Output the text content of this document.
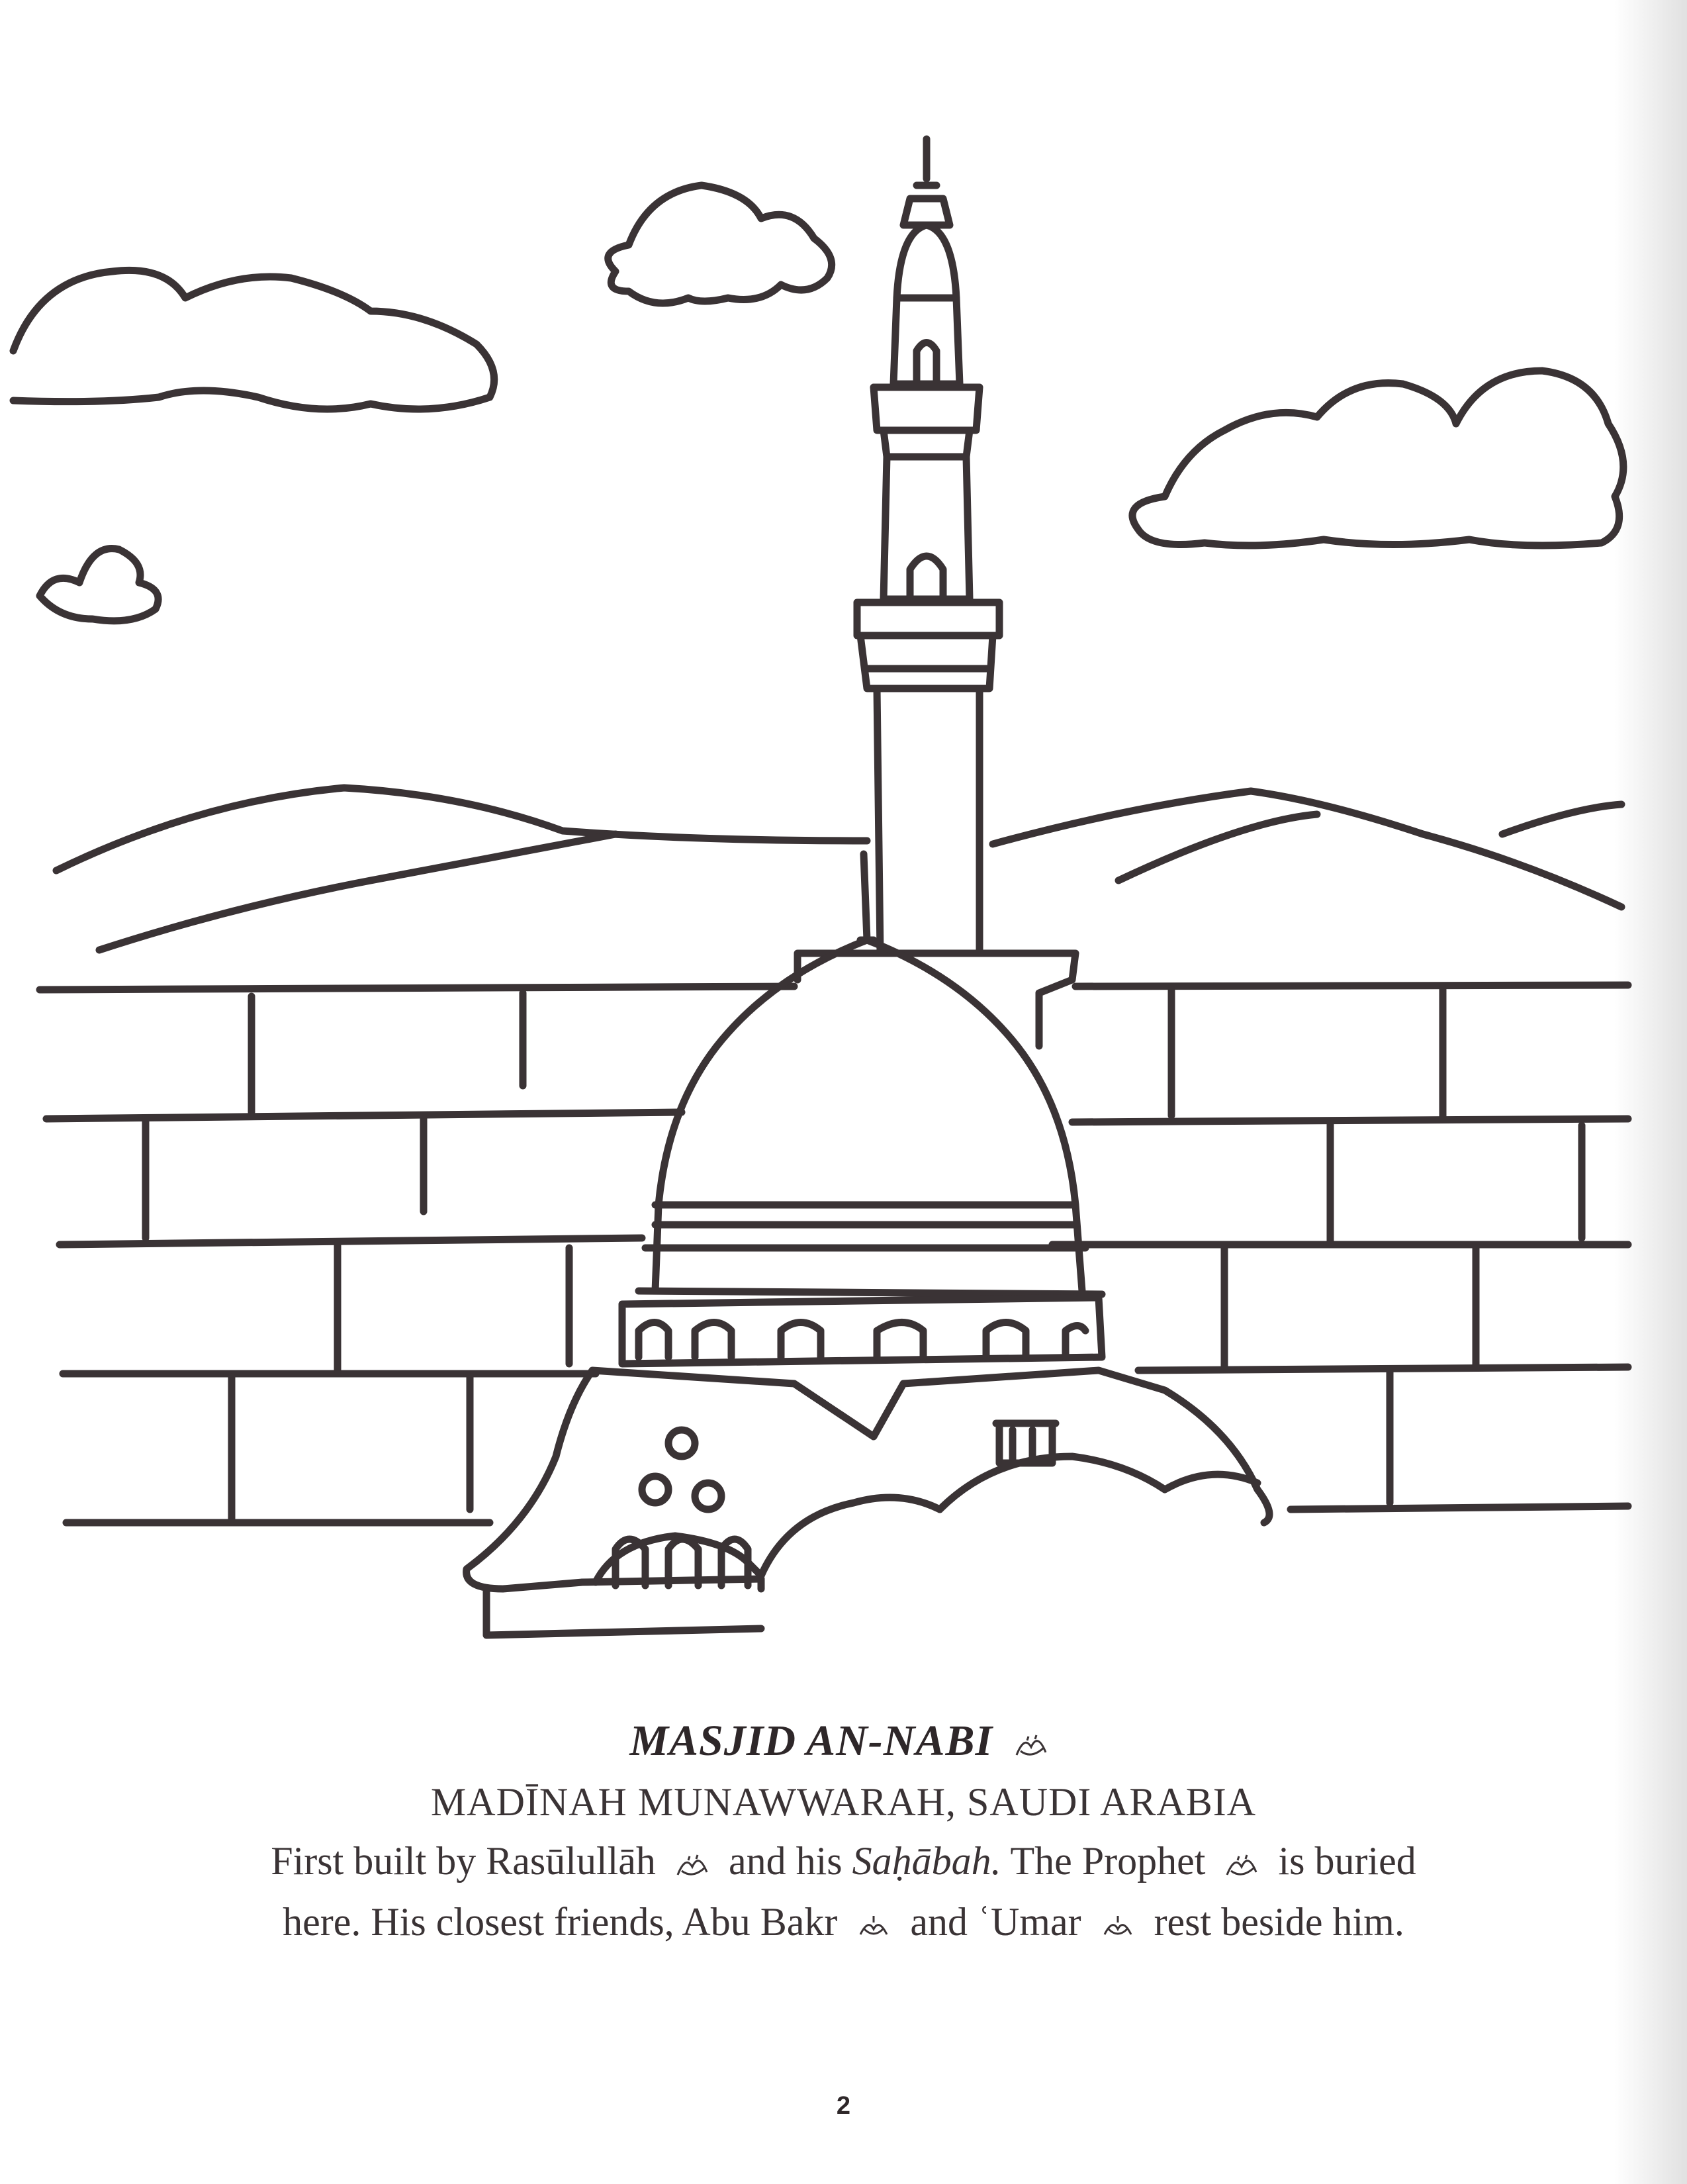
MASJID AN-NABI
MADĪNAH MUNAWWARAH, SAUDI ARABIA
First built by Rasūlullāh and his Saḥābah. The Prophet is buried
here. His closest friends, Abu Bakr and ʿUmar rest beside him.
2
